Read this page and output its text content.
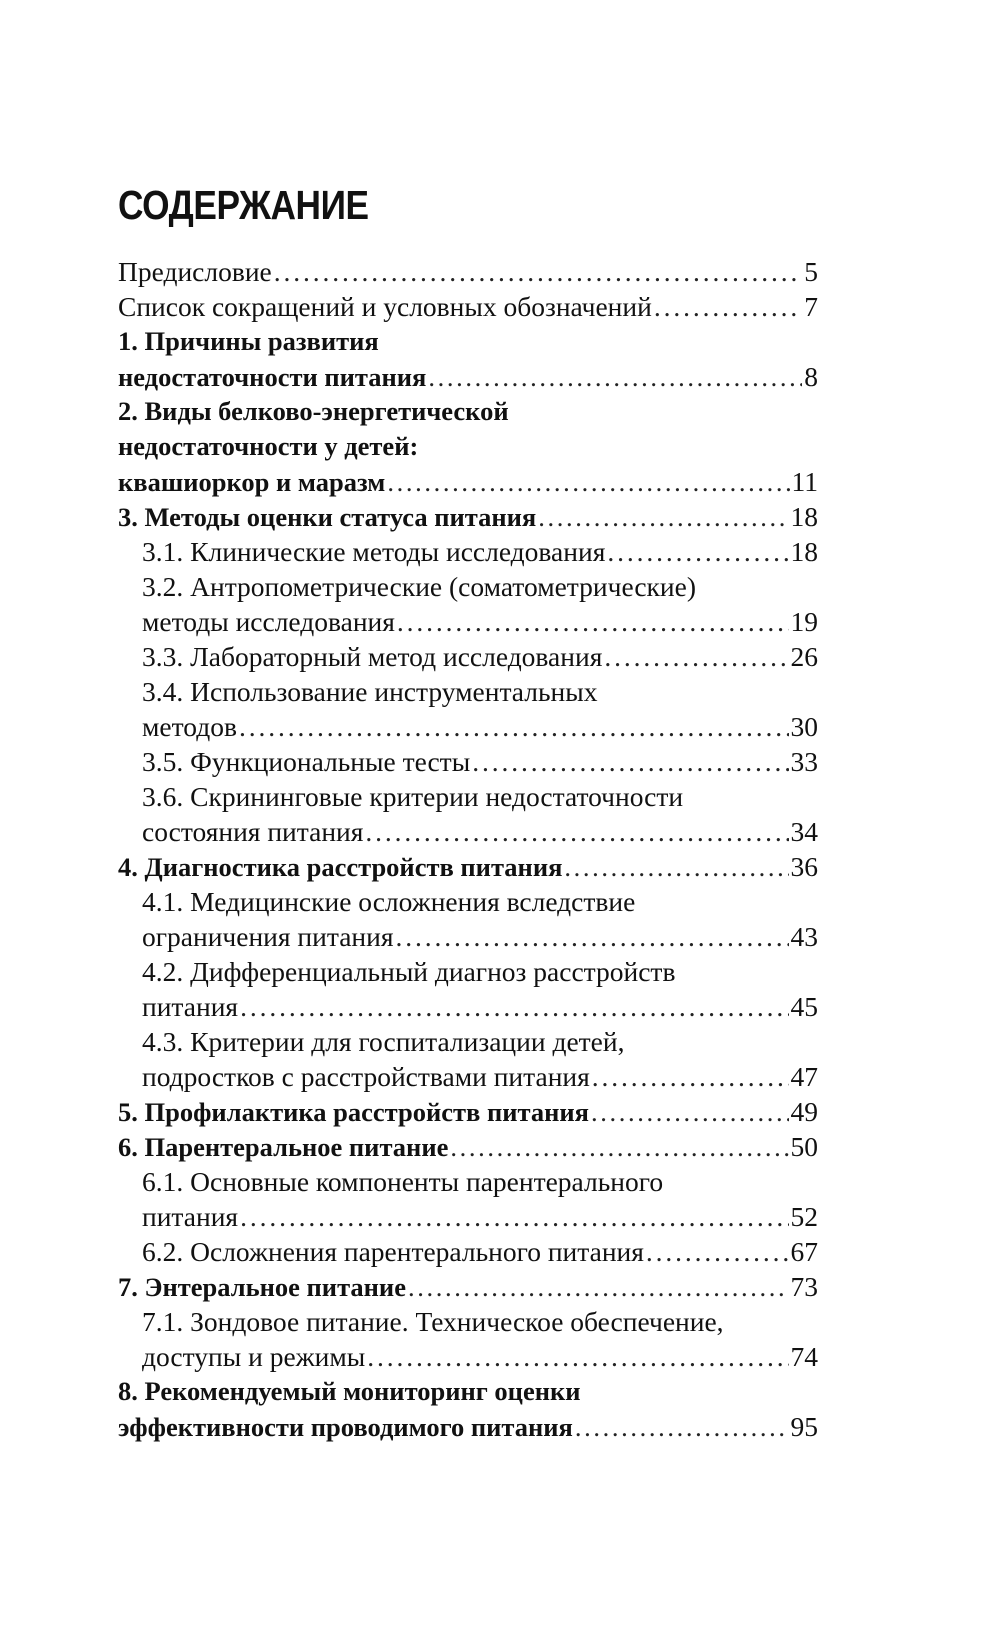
СОДЕРЖАНИЕ
Предисловие . . .	5
Список сокращений и условных обозначений . . .	7
1. Причины развития
недостаточности питания . . .	8
2. Виды белково-энергетической
недостаточности у детей:
квашиоркор и маразм . . .	11
3. Методы оценки статуса питания . . .	18
3.1. Клинические методы исследования . . .	18
3.2. Антропометрические (соматометрические)
методы исследования . . .	19
3.3. Лабораторный метод исследования . . .	26
3.4. Использование инструментальных
методов . . .	30
3.5. Функциональные тесты . . .	33
3.6. Скрининговые критерии недостаточности
состояния питания . . .	34
4. Диагностика расстройств питания . . .	36
4.1. Медицинские осложнения вследствие
ограничения питания . . .	43
4.2. Дифференциальный диагноз расстройств
питания . . .	45
4.3. Критерии для госпитализации детей,
подростков с расстройствами питания . . .	47
5. Профилактика расстройств питания . . .	49
6. Парентеральное питание . . .	50
6.1. Основные компоненты парентерального
питания . . .	52
6.2. Осложнения парентерального питания . . .	67
7. Энтеральное питание . . .	73
7.1. Зондовое питание. Техническое обеспечение,
доступы и режимы . . .	74
8. Рекомендуемый мониторинг оценки
эффективности проводимого питания . . .	95
